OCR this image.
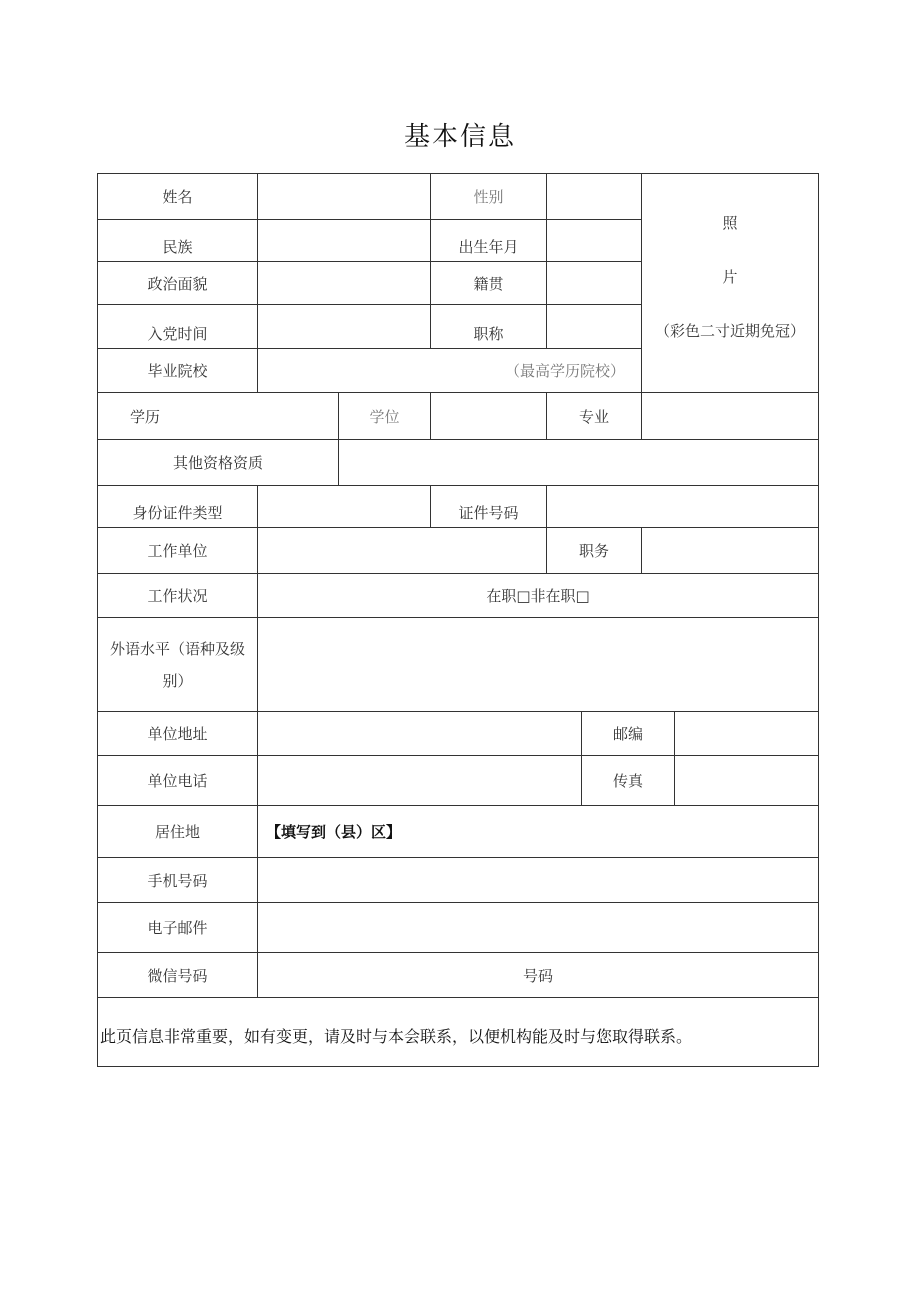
基本信息
姓名	性别
照
片
（彩色二寸近期免冠）
民族	出生年月
政治面貌	籍贯
入党时间	职称
毕业院校	（最高学历院校）
学历	学位	专业
其他资格资质
身份证件类型	证件号码
工作单位	职务
工作状况	在职□非在职□
外语水平（语种及级别）
单位地址	邮编
单位电话	传真
居住地	【填写到（县）区】
手机号码
电子邮件
微信号码	号码
此页信息非常重要，如有变更，请及时与本会联系，以便机构能及时与您取得联系。
